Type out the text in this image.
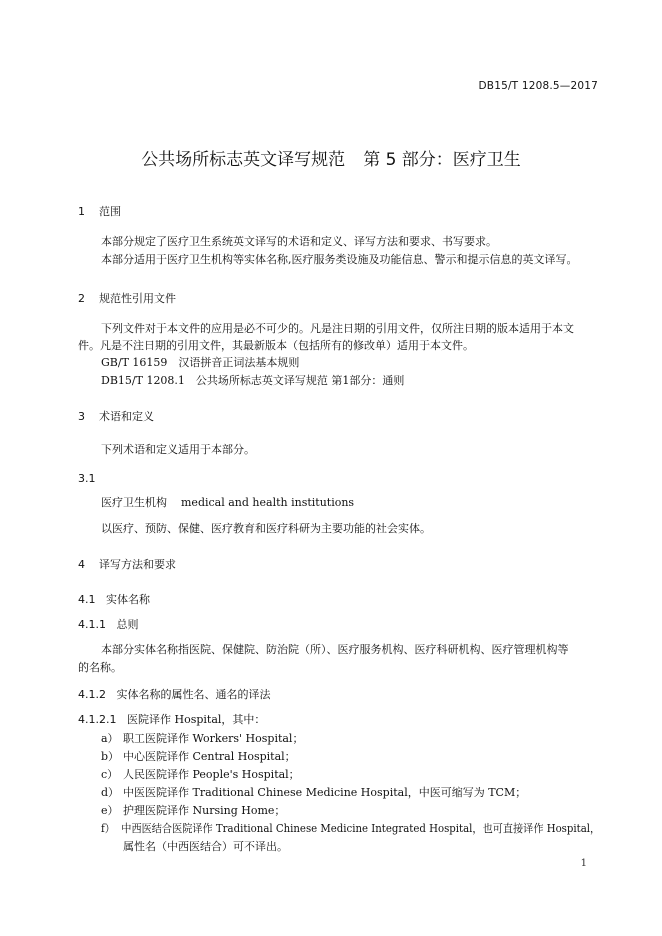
DB15/T 1208.5—2017
公共场所标志英文译写规范 第 5 部分：医疗卫生
1 范围
本部分规定了医疗卫生系统英文译写的术语和定义、译写方法和要求、书写要求。
本部分适用于医疗卫生机构等实体名称,医疗服务类设施及功能信息、警示和提示信息的英文译写。
2 规范性引用文件
下列文件对于本文件的应用是必不可少的。凡是注日期的引用文件，仅所注日期的版本适用于本文
件。凡是不注日期的引用文件，其最新版本（包括所有的修改单）适用于本文件。
GB/T 16159　汉语拼音正词法基本规则
DB15/T 1208.1　公共场所标志英文译写规范 第1部分：通则
3 术语和定义
下列术语和定义适用于本部分。
3.1
医疗卫生机构 medical and health institutions
以医疗、预防、保健、医疗教育和医疗科研为主要功能的社会实体。
4 译写方法和要求
4.1 实体名称
4.1.1 总则
本部分实体名称指医院、保健院、防治院（所）、医疗服务机构、医疗科研机构、医疗管理机构等
的名称。
4.1.2 实体名称的属性名、通名的译法
4.1.2.1 医院译作 Hospital，其中：
a） 职工医院译作 Workers' Hospital；
b） 中心医院译作 Central Hospital；
c） 人民医院译作 People's Hospital；
d） 中医医院译作 Traditional Chinese Medicine Hospital，中医可缩写为 TCM；
e） 护理医院译作 Nursing Home；
f） 中西医结合医院译作 Traditional Chinese Medicine Integrated Hospital，也可直接译作 Hospital，
属性名（中西医结合）可不译出。
1
